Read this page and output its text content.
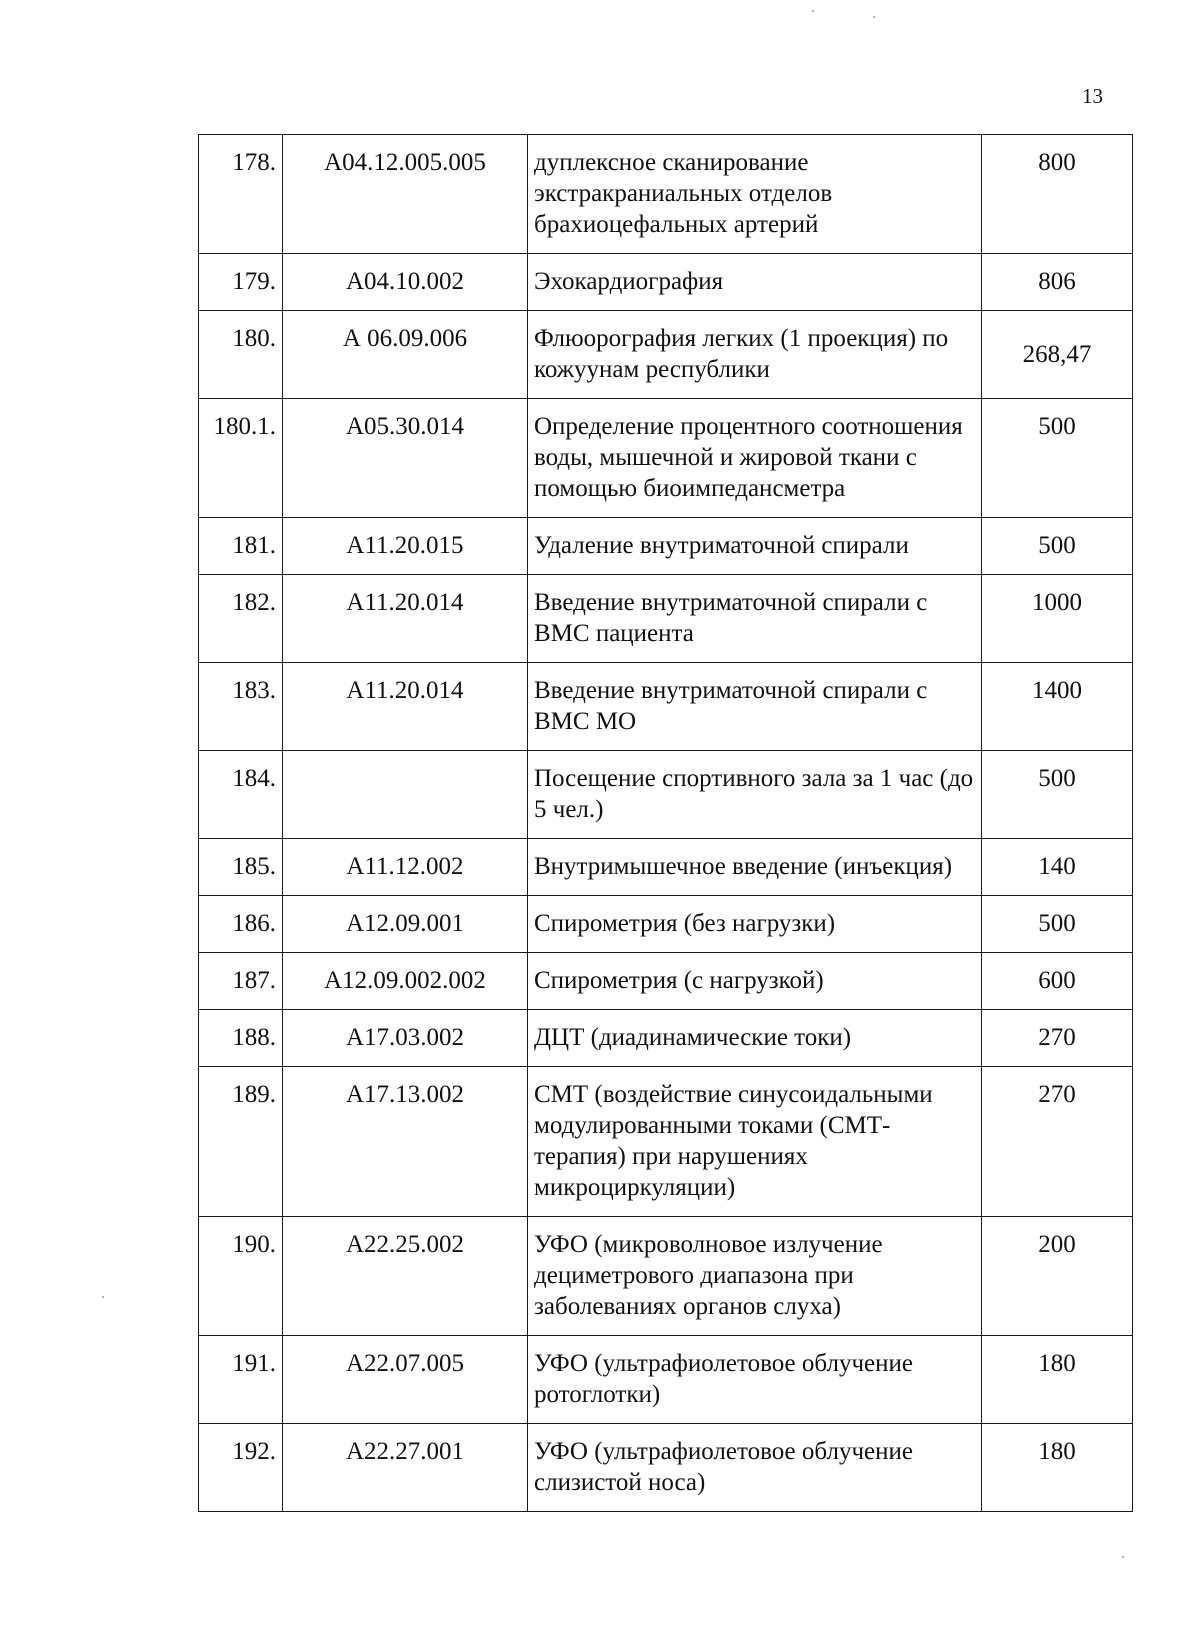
13
178.	А04.12.005.005	дуплексное сканирование экстракраниальных отделов брахиоцефальных артерий	800
179.	А04.10.002	Эхокардиография	806
180.	А 06.09.006	Флюорография легких (1 проекция) по кожуунам республики	268,47
180.1.	А05.30.014	Определение процентного соотношения воды, мышечной и жировой ткани с помощью биоимпедансметра	500
181.	А11.20.015	Удаление внутриматочной спирали	500
182.	А11.20.014	Введение внутриматочной спирали с ВМС пациента	1000
183.	А11.20.014	Введение внутриматочной спирали с ВМС МО	1400
184.		Посещение спортивного зала за 1 час (до 5 чел.)	500
185.	А11.12.002	Внутримышечное введение (инъекция)	140
186.	А12.09.001	Спирометрия (без нагрузки)	500
187.	А12.09.002.002	Спирометрия (с нагрузкой)	600
188.	А17.03.002	ДЦТ (диадинамические токи)	270
189.	А17.13.002	СМТ (воздействие синусоидальными модулированными токами (СМТ-терапия) при нарушениях микроциркуляции)	270
190.	А22.25.002	УФО (микроволновое излучение дециметрового диапазона при заболеваниях органов слуха)	200
191.	А22.07.005	УФО (ультрафиолетовое облучение ротоглотки)	180
192.	А22.27.001	УФО (ультрафиолетовое облучение слизистой носа)	180
